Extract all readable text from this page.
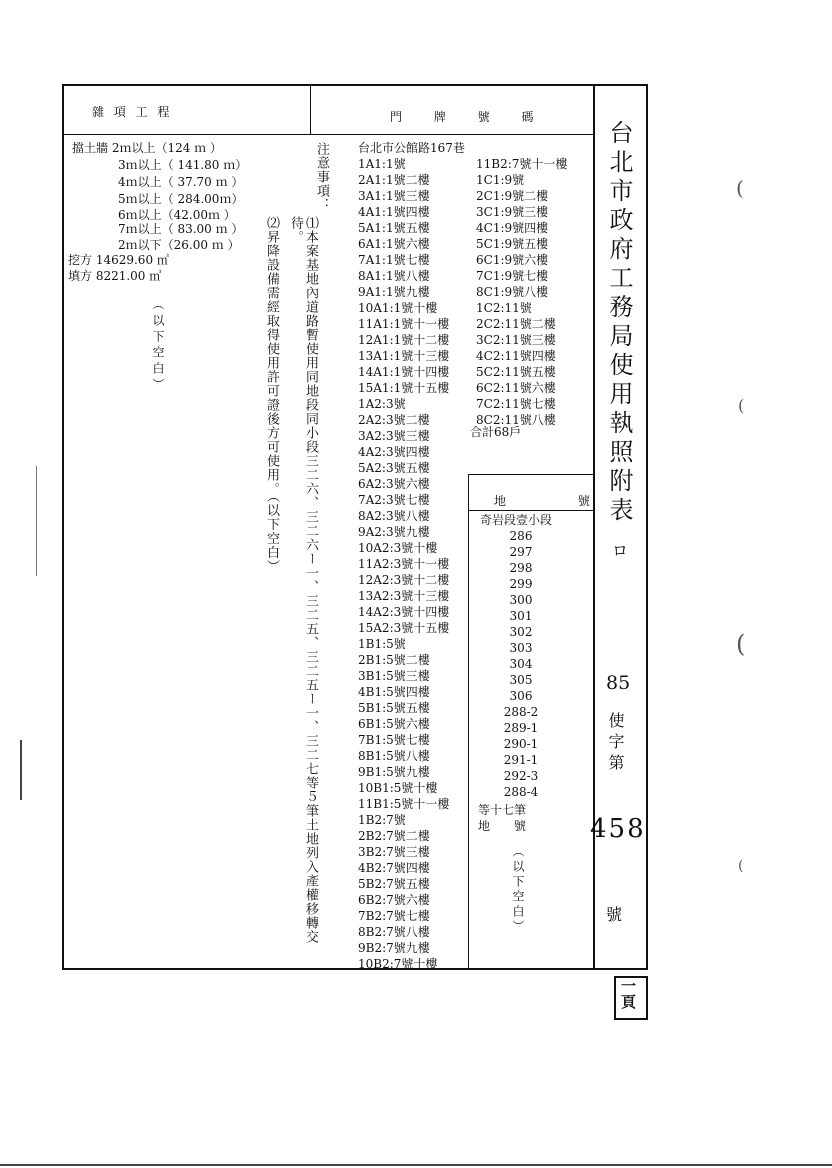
雜 項 工 程	門 牌 號 碼
地 號
台北市政府工務局使用執照附表
ロ
85
使字第
458
號
一頁
擋土牆 2ｍ以上（124 ｍ ）
3ｍ以上（ 141.80 ｍ）
4ｍ以上（ 37.70 ｍ ）
5ｍ以上（ 284.00ｍ）
6ｍ以上（42.00ｍ ）
7ｍ以上（ 83.00 ｍ ）
2ｍ以下（26.00 ｍ ）
挖方 14629.60 ㎥
填方 8221.00 ㎥
（以下空白）
注意事項：
⑴本案基地內道路暫使用同地段同小段三二六、三二六ー一、三二五、三二五ー一、三二七等５筆土地列入產權移轉交待。
⑵昇降設備需經取得使用許可證後方可使用。（以下空白）
台北市公館路167巷
1A1:1號
2A1:1號二樓
3A1:1號三樓
4A1:1號四樓
5A1:1號五樓
6A1:1號六樓
7A1:1號七樓
8A1:1號八樓
9A1:1號九樓
10A1:1號十樓
11A1:1號十一樓
12A1:1號十二樓
13A1:1號十三樓
14A1:1號十四樓
15A1:1號十五樓
1A2:3號
2A2:3號二樓
3A2:3號三樓
4A2:3號四樓
5A2:3號五樓
6A2:3號六樓
7A2:3號七樓
8A2:3號八樓
9A2:3號九樓
10A2:3號十樓
11A2:3號十一樓
12A2:3號十二樓
13A2:3號十三樓
14A2:3號十四樓
15A2:3號十五樓
1B1:5號
2B1:5號二樓
3B1:5號三樓
4B1:5號四樓
5B1:5號五樓
6B1:5號六樓
7B1:5號七樓
8B1:5號八樓
9B1:5號九樓
10B1:5號十樓
11B1:5號十一樓
1B2:7號
2B2:7號二樓
3B2:7號三樓
4B2:7號四樓
5B2:7號五樓
6B2:7號六樓
7B2:7號七樓
8B2:7號八樓
9B2:7號九樓
10B2:7號十樓
11B2:7號十一樓
1C1:9號
2C1:9號二樓
3C1:9號三樓
4C1:9號四樓
5C1:9號五樓
6C1:9號六樓
7C1:9號七樓
8C1:9號八樓
1C2:11號
2C2:11號二樓
3C2:11號三樓
4C2:11號四樓
5C2:11號五樓
6C2:11號六樓
7C2:11號七樓
8C2:11號八樓
合計68戶
奇岩段壹小段
286
297
298
299
300
301
302
303
304
305
306
288-2
289-1
290-1
291-1
292-3
288-4
等十七筆
地　　號
（以下空白）
(
(
(
(
